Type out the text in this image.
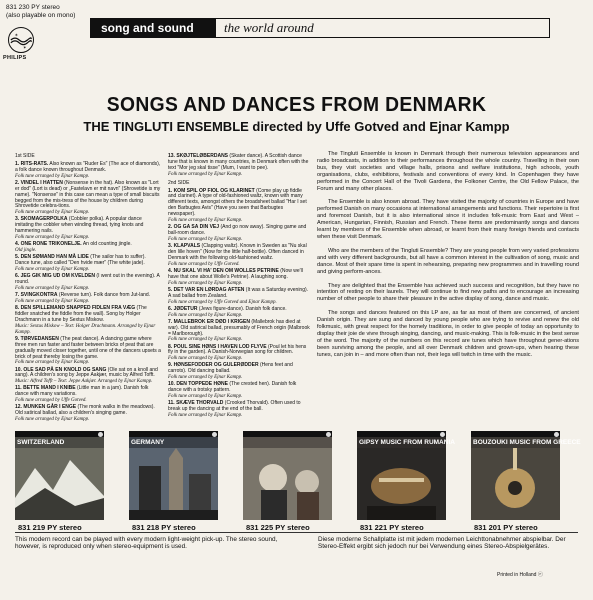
831 230 PY stereo
(also playable on mono)
✶
✶
PHILIPS
song and sound	the world around
SONGS AND DANCES FROM DENMARK
THE TINGLUTI ENSEMBLE directed by Uffe Gotved and Ejnar Kampp
1st SIDE
1. RITS-RATS. Also known as "Ruder Es" (The ace of diamonds), a folk dance known throughout Denmark.
Folk tune arranged by Ejnar Kampp.
2. VINDEL I HATTEN (Nonsense in the hat). Also known as "Lort er dod" (Lort is dead) or „Fastelavn er mit navn" (Shrovetide is my name). "Nonsense" in this case can mean a type of small biscuits begged from the mis-tress of the house by children during Shrovetide celebra-tions.
Folk tune arranged by Ejnar Kampp.
3. SKOMAGERPOLKA (Cobbler polka). A popular dance imitating the cobbler when winding thread, tying knots and hammering nails.
Folk tune arranged by Ejnar Kampp.
4. ONE RONE TRIKONELJE. An old counting jingle.
Old jingle.
5. DEN SØMAND HAN MÅ LIDE (The sailor has to suffer). Dance tune, also called "Den hvide mær" (The white jade).
Folk tune arranged by Ejnar Kampp.
6. JEG GIK MIG UD OM KVELDEN (I went out in the evening). A round.
Folk tune arranged by Ejnar Kampp.
7. SVINGKONTRA (Reverse turn). Folk dance from Jut-land.
Folk tune arranged by Ejnar Kampp.
8. DEN SPILLEMAND SNAPPED FIDLEN FRA VÆG (The fiddler snatched the fiddle from the wall). Song by Holger Drachmann in a tune by Sextus Miskow.
Music: Sextus Miskow – Text: Holger Drachmann. Arranged by Ejnar Kampp.
9. TØRVEDANSEN (The peat dance). A dancing game where three men run faster and faster between bricks of peat that are gradually moved closer together, until one of the dancers upsets a brick of peat thereby losing the game.
Folk tune arranged by Ejnar Kampp.
10. OLE SAD PÅ EN KNOLD OG SANG (Ole sat on a knoll and sang). A children's song by Jeppe Aakjær, music by Alfred Tofft.
Music: Alfred Tofft – Text: Jeppe Aakjær. Arranged by Ejnar Kampp.
11. BETTE MAND I KNIBE (Little man in a jam). Danish folk dance with many variations.
Folk tune arranged by Uffe Gotved.
12. MUNKEN GÅR I ENGE (The monk walks in the meadows). Old satirical ballad, also a children's singing game.
Folk tune arranged by Ejnar Kampp.
13. SKØJTELØBERDANS (Skater dance). A Scottish dance tune that is known in many countries, in Denmark often with the text "Mor jeg skal tisse" (Mum, I want to pee).
Folk tune arranged by Ejnar Kampp.
2nd SIDE
1. KOM SPIL OP FIOL OG KLARINET (Come play up fiddle and clarinet). A type of old-fashioned waltz, known with many different texts, amongst others the broadsheet ballad "Har I set den Barbugtes Avis" (Have you seen that Barbugtes newspaper).
Folk tune arranged by Ejnar Kampp.
2. OG GA SA DIN VEJ (And go now away). Singing game and ball-room dance.
Folk tune arranged by Ejnar Kampp.
3. KLAPVALS (Clapping waltz). Known in Sweden as "Nu skal den lille hoven" (Now for the little half-bottle). Often danced in Denmark with the following old-fashioned waltz.
Folk tune arranged by Uffe Gotved.
4. NU SKAL VI HA' DEN OM WOLLES PETRINE (Now we'll have that one about Wolle's Petrine). A laughing song.
Folk tune arranged by Ejnar Kampp.
5. DET VAR EN LØRDAG AFTEN (It was a Saturday evening). A sad ballad from Zealand.
Folk tune arranged by Uffe Gotved and Ejnar Kampp.
6. JØDETUR (Jews figure-dance). Danish folk dance.
Folk tune arranged by Ejnar Kampp.
7. MALLEBROK ER DØD I KRIGEN (Mallebrok has died at war). Old satirical ballad, presumably of French origin (Malbrook = Marlborough).
Folk tune arranged by Ejnar Kampp.
8. POUL SINE HØNS I HAVEN LOD FLYVE (Poul let his hens fly in the garden). A Danish-Norwegian song for children.
Folk tune arranged by Ejnar Kampp.
9. HØNSEFODDER OG GULERØDDER (Hens feet and carrots). Old dancing ballad.
Folk tune arranged by Ejnar Kampp.
10. DEN TOPPEDE HØNE (The crested hen). Danish folk dance with a trotsky pattern.
Folk tune arranged by Ejnar Kampp.
11. SKÆVE THORVALD (Crooked Thorvald). Often used to break up the dancing at the end of the ball.
Folk tune arranged by Ejnar Kampp.

The Tingluti Ensemble is known in Denmark through their numerous television appearances and radio broadcasts, in addition to their performances throughout the whole country. Travelling in their own bus, they visit societies and village halls, prisons and welfare institutions, high schools, youth organisations, clubs, exhibitions, festivals and conventions of every kind. In Copenhagen they have performed in the Concert Hall of the Tivoli Gardens, the Folkoner Centre, the Old Fellow Palace, the Forum and many other places.

The Ensemble is also known abroad. They have visited the majority of countries in Europe and have performed Danish on many occasions at international arrangements and functions. Their repertoire is first and foremost Danish, but it is also international since it includes folk-music from East and West – American, Hungarian, Finnish, Russian and French. These items are predominantly songs and dances learnt by members of the Ensemble when abroad, or learnt from their many foreign friends and contacts when these visit Denmark.

Who are the members of the Tingluti Ensemble? They are young people from very varied professions and with very different backgrounds, but all have a common interest in the cultivation of song, music and dance. Most of their spare time is spent in rehearsing, preparing new programmes and in travelling round and giving perform-ances.

They are delighted that the Ensemble has achieved such success and recognition, but they have no intention of resting on their laurels. They will continue to find new paths and to encourage an increasing number of other people to share their pleasure in the active display of song, dance and music.

The songs and dances featured on this LP are, as far as most of them are concerned, of ancient Danish origin. They are sung and danced by young people who are trying to revive and renew the old folkmusic, with great respect for the homely traditions, in order to give people of today an opportunity to display their joie de vivre through singing, dancing, and music-making. This is folk-music in the best sense of the word. The majority of the numbers on this record are tunes which have throughout gener-ations been surviving among the people, and all over Denmark children and grown-ups, when hearing these tunes, can join in – and more often than not, their legs will twitch in time with the music.

SWITZERLAND
831 219 PY stereo
GERMANY
831 218 PY stereo	831 225 PY stereo
GIPSY MUSIC FROM RUMANIA
831 221 PY stereo
BOUZOUKI MUSIC FROM GREECE
831 201 PY stereo
This modern record can be played with every modern light-weight pick-up. The stereo sound, however, is reproduced only when stereo-equipment is used.
Diese moderne Schallplatte ist mit jedem modernen Leichttonabnehmer abspielbar. Der Stereo-Effekt ergibt sich jedoch nur bei Verwendung eines Stereo-Abspielgerätes.
Printed in Holland ⓔ
